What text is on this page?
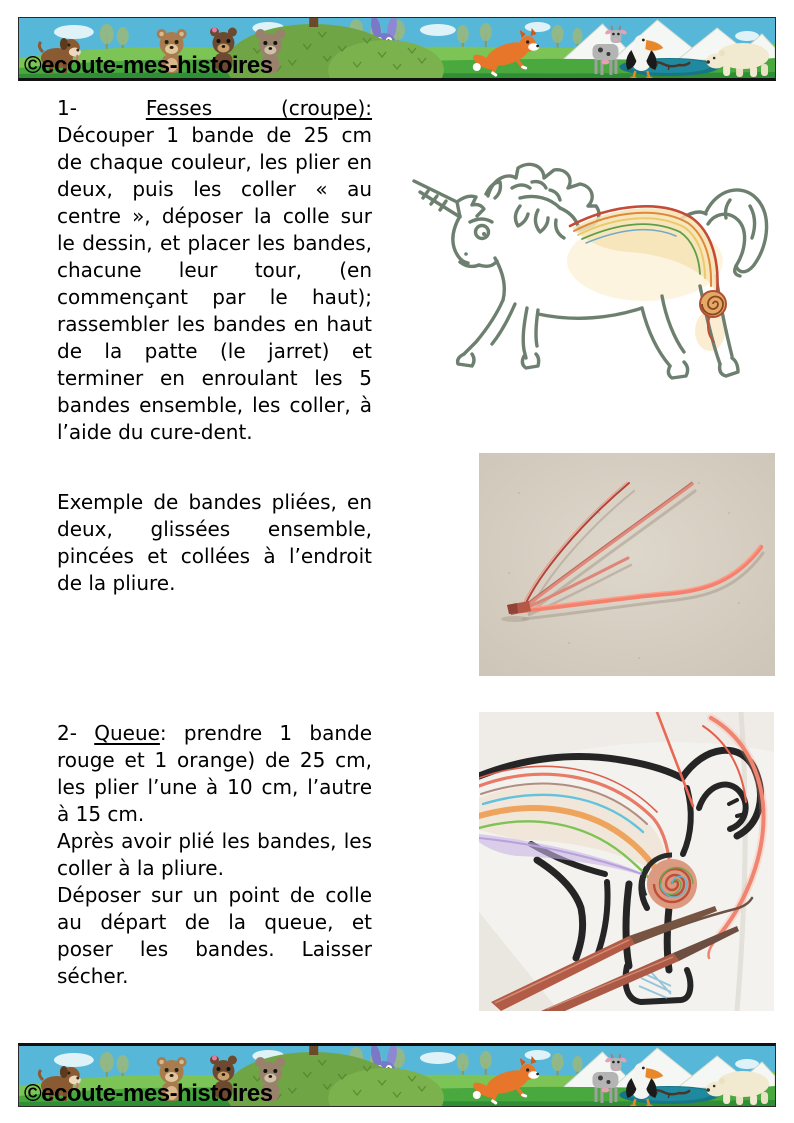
©ecoute-mes-histoires

1-	Fesses (croupe):

Découper 1 bande de 25 cm de chaque couleur, les plier en deux, puis les coller « au centre », déposer la colle sur le dessin, et placer les bandes, chacune leur tour, (en commençant par le haut); rassembler les bandes en haut de la patte (le jarret) et terminer en enroulant les 5 bandes ensemble, les coller, à l’aide du cure-dent.

Exemple de bandes pliées, en deux, glissées ensemble, pincées et collées à l’endroit de la pliure.

2- Queue: prendre 1 bande rouge et 1 orange) de 25 cm, les plier l’une à 10 cm, l’autre à 15 cm.

Après avoir plié les bandes, les coller à la pliure.

Déposer sur un point de colle au départ de la queue, et poser les bandes. Laisser sécher.

©ecoute-mes-histoires
